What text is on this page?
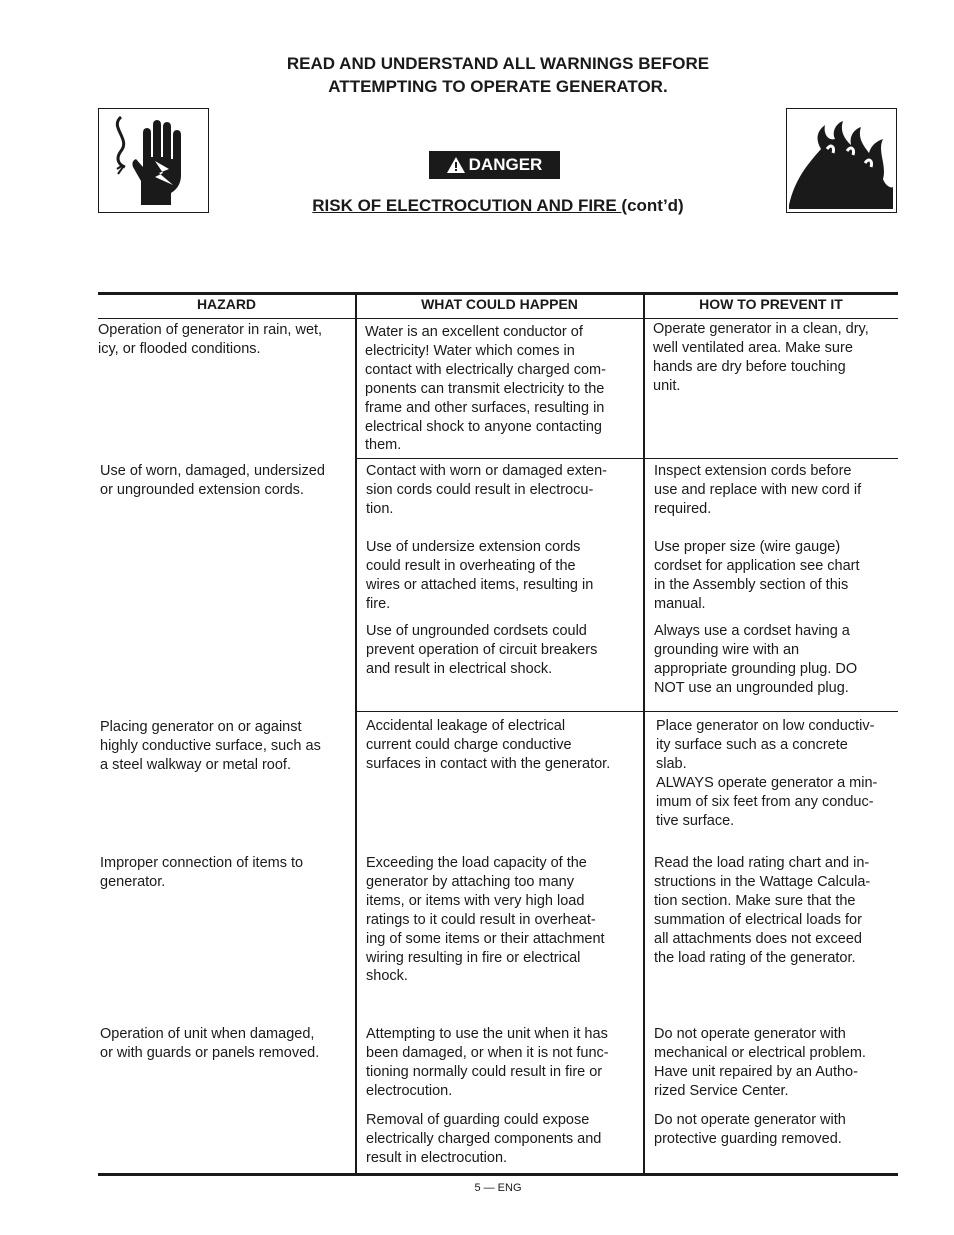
READ AND UNDERSTAND ALL WARNINGS BEFORE
ATTEMPTING TO OPERATE GENERATOR.
DANGER
RISK OF ELECTROCUTION AND FIRE (cont’d)
HAZARD	WHAT COULD HAPPEN	HOW TO PREVENT IT
Operation of generator in rain, wet,
icy, or flooded conditions.
Water is an excellent conductor of
electricity! Water which comes in
contact with electrically charged com-
ponents can transmit electricity to the
frame and other surfaces, resulting in
electrical shock to anyone contacting
them.
Operate generator in a clean, dry,
well ventilated area. Make sure
hands are dry before touching
unit.
Use of worn, damaged, undersized
or ungrounded extension cords.
Contact with worn or damaged exten-
sion cords could result in electrocu-
tion.
Use of undersize extension cords
could result in overheating of the
wires or attached items, resulting in
fire.
Use of ungrounded cordsets could
prevent operation of circuit breakers
and result in electrical shock.
Inspect extension cords before
use and replace with new cord if
required.
Use proper size (wire gauge)
cordset for application see chart
in the Assembly section of this
manual.
Always use a cordset having a
grounding wire with an
appropriate grounding plug. DO
NOT use an ungrounded plug.
Placing generator on or against
highly conductive surface, such as
a steel walkway or metal roof.
Accidental leakage of electrical
current could charge conductive
surfaces in contact with the generator.
Place generator on low conductiv-
ity surface such as a concrete
slab.
ALWAYS operate generator a min-
imum of six feet from any conduc-
tive surface.
Improper connection of items to
generator.
Exceeding the load capacity of the
generator by attaching too many
items, or items with very high load
ratings to it could result in overheat-
ing of some items or their attachment
wiring resulting in fire or electrical
shock.
Read the load rating chart and in-
structions in the Wattage Calcula-
tion section. Make sure that the
summation of electrical loads for
all attachments does not exceed
the load rating of the generator.
Operation of unit when damaged,
or with guards or panels removed.
Attempting to use the unit when it has
been damaged, or when it is not func-
tioning normally could result in fire or
electrocution.
Removal of guarding could expose
electrically charged components and
result in electrocution.
Do not operate generator with
mechanical or electrical problem.
Have unit repaired by an Autho-
rized Service Center.
Do not operate generator with
protective guarding removed.
5 — ENG
